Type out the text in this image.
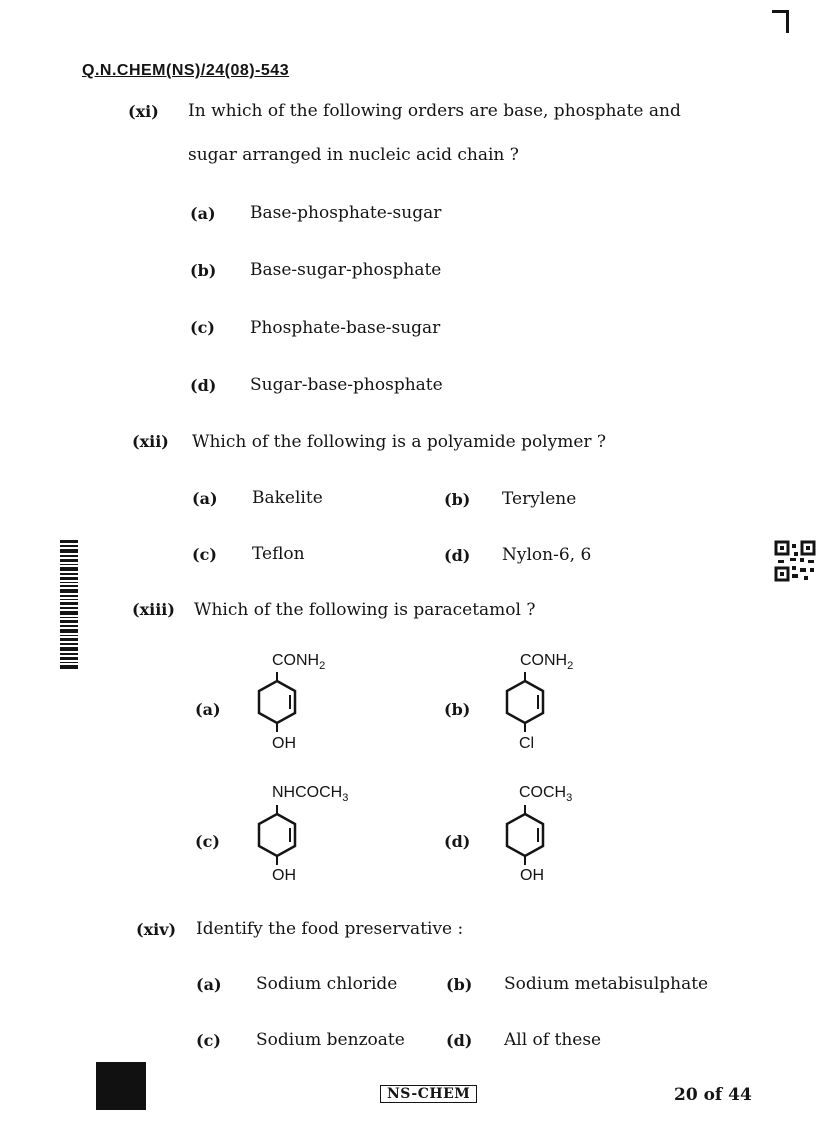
Q.N.CHEM(NS)/24(08)-543
(xi) In which of the following orders are base, phosphate and
sugar arranged in nucleic acid chain ?
(a) Base-phosphate-sugar
(b) Base-sugar-phosphate
(c) Phosphate-base-sugar
(d) Sugar-base-phosphate
(xii) Which of the following is a polyamide polymer ?
(a) Bakelite	(b) Terylene
(c) Teflon	(d) Nylon-6, 6
(xiii) Which of the following is paracetamol ?
(a)
$CONH_2$
OH
(b)
$CONH_2$
Cl
(c)
$NHCOCH_3$
OH
(d)
$COCH_3$
OH
(xiv) Identify the food preservative :
(a) Sodium chloride	(b) Sodium metabisulphate
(c) Sodium benzoate	(d) All of these
NS-CHEM	20 of 44
